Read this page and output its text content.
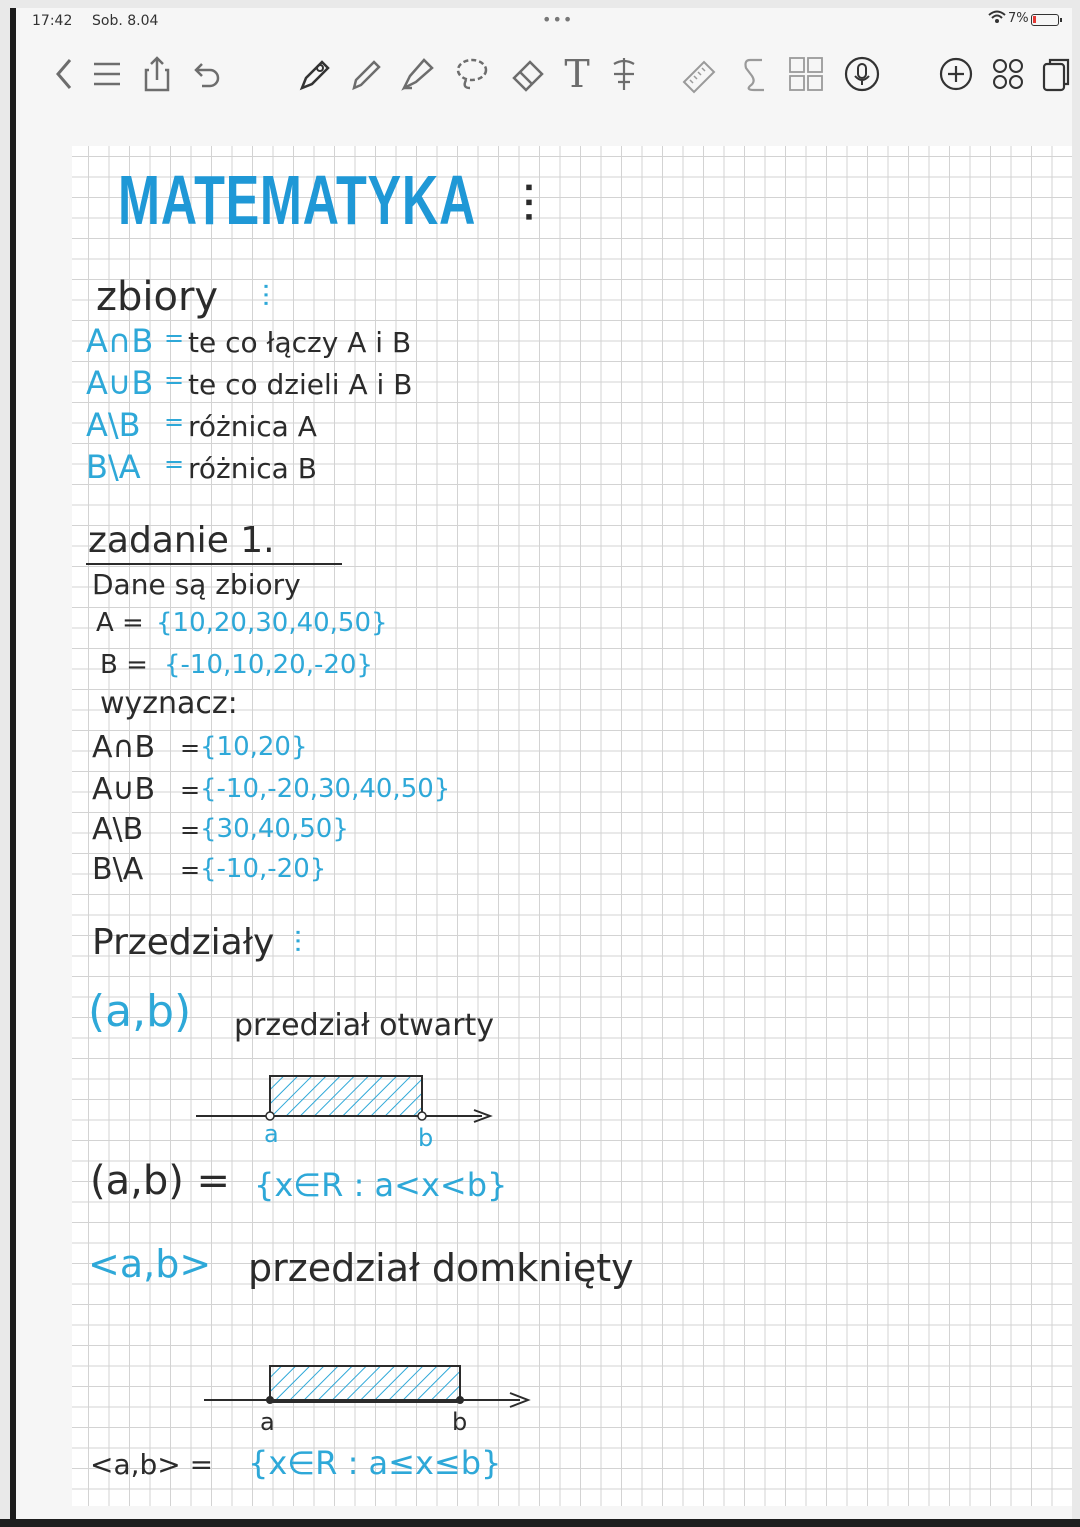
17:42 Sob. 8.04	•••	7%
T
MATEMATYKA ⫶
zbiory ⫶
A∩B = te co łączy A i B
A∪B = te co dzieli A i B
A\B = różnica A
B\A = różnica B
zadanie 1.
Dane są zbiory
A = {10,20,30,40,50}
B = {-10,10,20,-20}
wyznacz:
A∩B = {10,20}
A∪B = {-10,-20,30,40,50}
A\B = {30,40,50}
B\A = {-10,-20}
Przedziały ⫶
(a,b) przedział otwarty
a	b
(a,b) = {x∈R : a<x<b}
<a,b> przedział domknięty
a	b
<a,b> = {x∈R : a≤x≤b}
